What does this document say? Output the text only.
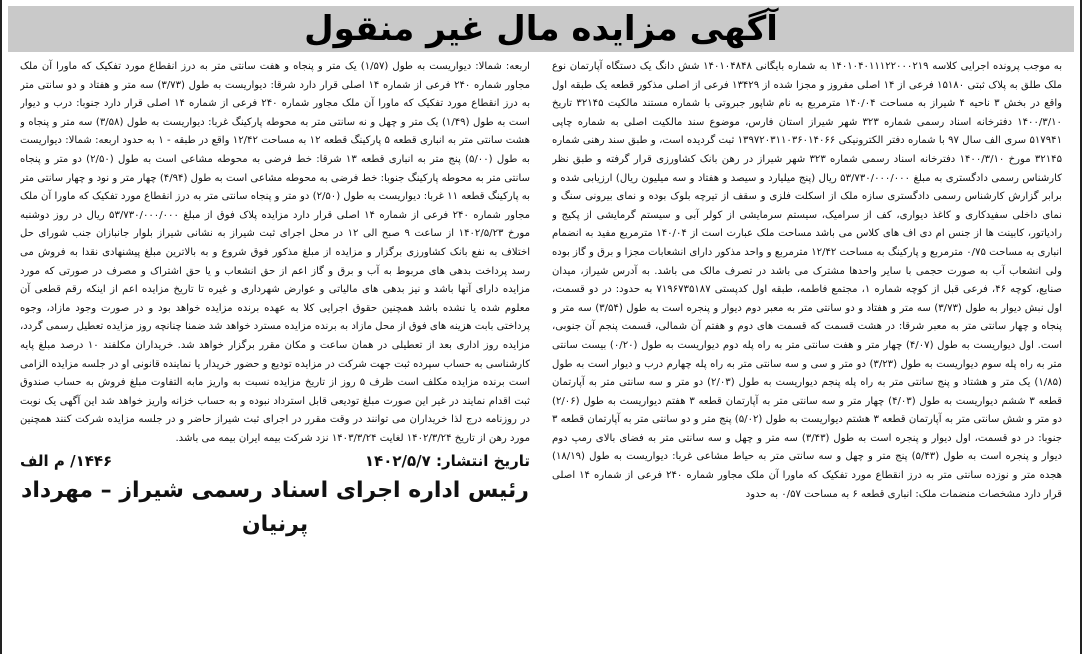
آگهی مزایده مال غیر منقول

به موجب پرونده اجرایی کلاسه ۱۴۰۱۰۴۰۱۱۱۲۲۰۰۰۲۱۹ به شماره بایگانی ۱۴۰۱۰۴۸۴۸ شش دانگ یک دستگاه آپارتمان نوع ملک طلق به پلاک ثبتی ۱۵۱۸۰ فرعی از ۱۴ اصلی مفروز و مجزا شده از ۱۳۴۲۹ فرعی از اصلی مذکور قطعه یک طبقه اول واقع در بخش ۳ ناحیه ۴ شیراز به مساحت ۱۴۰/۰۴ مترمربع به نام شاپور جبروتی با شماره مستند مالکیت ۳۲۱۴۵ تاریخ ۱۴۰۰/۳/۱۰ دفترخانه اسناد رسمی شماره ۳۲۳ شهر شیراز استان فارس، موضوع سند مالکیت اصلی به شماره چاپی ۵۱۷۹۴۱ سری الف سال ۹۷ با شماره دفتر الکترونیکی ۱۳۹۷۲۰۳۱۱۰۳۶۰۱۴۰۶۶ ثبت گردیده است، و طبق سند رهنی شماره ۳۲۱۴۵ مورخ ۱۴۰۰/۳/۱۰ دفترخانه اسناد رسمی شماره ۳۲۳ شهر شیراز در رهن بانک کشاورزی قرار گرفته و طبق نظر کارشناس رسمی دادگستری به مبلغ ۵۳/۷۳۰/۰۰۰/۰۰۰ ریال (پنج میلیارد و سیصد و هفتاد و سه میلیون ریال) ارزیابی شده و برابر گزارش کارشناس رسمی دادگستری سازه ملک از اسکلت فلزی و سقف از تیرچه بلوک بوده و نمای بیرونی سنگ و نمای داخلی سفیدکاری و کاغذ دیواری، کف از سرامیک، سیستم سرمایشی از کولر آبی و سیستم گرمایشی از پکیج و رادیاتور، کابینت ها از جنس ام دی اف های کلاس می باشد مساحت ملک عبارت است از ۱۴۰/۰۴ مترمربع مفید به انضمام انباری به مساحت ۰/۷۵ مترمربع و پارکینگ به مساحت ۱۲/۴۲ مترمربع و واحد مذکور دارای انشعابات مجزا و برق و گاز بوده ولی انشعاب آب به صورت حجمی با سایر واحدها مشترک می باشد در تصرف مالک می باشد. به آدرس شیراز، میدان صنایع، کوچه ۴۶، فرعی قبل از کوچه شماره ۱، مجتمع فاطمه، طبقه اول کدپستی ۷۱۹۶۷۳۵۱۸۷ به حدود: در دو قسمت، اول نبش دیوار به طول (۳/۷۳) سه متر و هفتاد و دو سانتی متر به معبر دوم دیوار و پنجره است به طول (۳/۵۴) سه متر و پنجاه و چهار سانتی متر به معبر شرقا: در هشت قسمت که قسمت های دوم و هفتم آن شمالی، قسمت پنجم آن جنوبی، است. اول دیواریست به طول (۴/۰۷) چهار متر و هفت سانتی متر به راه پله دوم دیواریست به طول (۰/۲۰) بیست سانتی متر به راه پله سوم دیواریست به طول (۳/۲۳) دو متر و سی و سه سانتی متر به راه پله چهارم درب و دیوار است به طول (۱/۸۵) یک متر و هشتاد و پنج سانتی متر به راه پله پنجم دیواریست به طول (۲/۰۳) دو متر و سه سانتی متر به آپارتمان قطعه ۳ ششم دیواریست به طول (۴/۰۳) چهار متر و سه سانتی متر به آپارتمان قطعه ۳ هفتم دیواریست به طول (۲/۰۶) دو متر و شش سانتی متر به آپارتمان قطعه ۳ هشتم دیواریست به طول (۵/۰۲) پنج متر و دو سانتی متر به آپارتمان قطعه ۳ جنوبا: در دو قسمت، اول دیوار و پنجره است به طول (۳/۴۳) سه متر و چهل و سه سانتی متر به فضای بالای رمپ دوم دیوار و پنجره است به طول (۵/۴۳) پنج متر و چهل و سه سانتی متر به حیاط مشاعی غربا: دیواریست به طول (۱۸/۱۹) هجده متر و نوزده سانتی متر به درز انقطاع مورد تفکیک که ماورا آن ملک مجاور شماره ۲۴۰ فرعی از شماره ۱۴ اصلی قرار دارد مشخصات منضمات ملک: انباری قطعه ۶ به مساحت ۰/۵۷ به حدود

اربعه: شمالا: دیواریست به طول (۱/۵۷) یک متر و پنجاه و هفت سانتی متر به درز انقطاع مورد تفکیک که ماورا آن ملک مجاور شماره ۲۴۰ فرعی از شماره ۱۴ اصلی قرار دارد شرقا: دیواریست به طول (۳/۷۳) سه متر و هفتاد و دو سانتی متر به درز انقطاع مورد تفکیک که ماورا آن ملک مجاور شماره ۲۴۰ فرعی از شماره ۱۴ اصلی قرار دارد جنوبا: درب و دیوار است به طول (۱/۴۹) یک متر و چهل و نه سانتی متر به محوطه پارکینگ غربا: دیواریست به طول (۳/۵۸) سه متر و پنجاه و هشت سانتی متر به انباری قطعه ۵ پارکینگ قطعه ۱۲ به مساحت ۱۲/۴۲ واقع در طبقه - ۱ به حدود اربعه: شمالا: دیواریست به طول (۵/۰۰) پنج متر به انباری قطعه ۱۳ شرقا: خط فرضی به محوطه مشاعی است به طول (۲/۵۰) دو متر و پنجاه سانتی متر به محوطه پارکینگ جنوبا: خط فرضی به محوطه مشاعی است به طول (۴/۹۴) چهار متر و نود و چهار سانتی متر به پارکینگ قطعه ۱۱ غربا: دیواریست به طول (۲/۵۰) دو متر و پنجاه سانتی متر به درز انقطاع مورد تفکیک که ماورا آن ملک مجاور شماره ۲۴۰ فرعی از شماره ۱۴ اصلی قرار دارد مزایده پلاک فوق از مبلغ ۵۳/۷۳۰/۰۰۰/۰۰۰ ریال در روز دوشنبه مورخ ۱۴۰۲/۵/۲۳ از ساعت ۹ صبح الی ۱۲ در محل اجرای ثبت شیراز به نشانی شیراز بلوار جانبازان جنب شورای حل اختلاف به نفع بانک کشاورزی برگزار و مزایده از مبلغ مذکور فوق شروع و به بالاترین مبلغ پیشنهادی نقدا به فروش می رسد پرداخت بدهی های مربوط به آب و برق و گاز اعم از حق انشعاب و یا حق اشتراک و مصرف در صورتی که مورد مزایده دارای آنها باشد و نیز بدهی های مالیاتی و عوارض شهرداری و غیره تا تاریخ مزایده اعم از اینکه رقم قطعی آن معلوم شده یا نشده باشد همچنین حقوق اجرایی کلا به عهده برنده مزایده خواهد بود و در صورت وجود مازاد، وجوه پرداختی بابت هزینه های فوق از محل مازاد به برنده مزایده مسترد خواهد شد ضمنا چنانچه روز مزایده تعطیل رسمی گردد، مزایده روز اداری بعد از تعطیلی در همان ساعت و مکان مقرر برگزار خواهد شد. خریداران مکلفند ۱۰ درصد مبلغ پایه کارشناسی به حساب سپرده ثبت جهت شرکت در مزایده تودیع و حضور خریدار یا نماینده قانونی او در جلسه مزایده الزامی است برنده مزایده مکلف است ظرف ۵ روز از تاریخ مزایده نسبت به واریز مابه التفاوت مبلغ فروش به حساب صندوق ثبت اقدام نمایند در غیر این صورت مبلغ تودیعی قابل استرداد نبوده و به حساب خزانه واریز خواهد شد این آگهی یک نوبت در روزنامه درج لذا خریداران می توانند در وقت مقرر در اجرای ثبت شیراز حاضر و در جلسه مزایده شرکت کنند همچنین مورد رهن از تاریخ ۱۴۰۲/۳/۲۴ لغایت ۱۴۰۳/۳/۲۴ نزد شرکت بیمه ایران بیمه می باشد.

تاریخ انتشار: ۱۴۰۲/۵/۷
۱۴۴۶/ م الف
رئیس اداره اجرای اسناد رسمی شیراز – مهرداد پرنیان
